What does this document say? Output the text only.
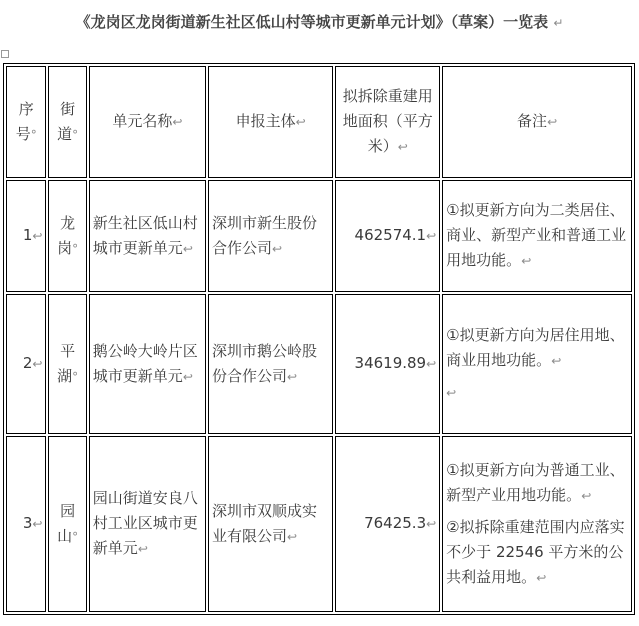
《龙岗区龙岗街道新生社区低山村等城市更新单元计划》（草案）一览表 ↵
序号°	街道°	单元名称↩	申报主体↩	拟拆除重建用地面积（平方米）↩	备注↩
1↩	龙岗°	新生社区低山村城市更新单元↩	深圳市新生股份合作公司↩	462574.1↩	①拟更新方向为二类居住、商业、新型产业和普通工业用地功能。↩

2↩	平湖°	鹅公岭大岭片区城市更新单元↩	深圳市鹅公岭股份合作公司↩	34619.89↩	①拟更新方向为居住用地、商业用地功能。↩

↩

3↩	园山°	园山街道安良八村工业区城市更新单元↩	深圳市双顺成实业有限公司↩	76425.3↩	①拟更新方向为普通工业、新型产业用地功能。↩

②拟拆除重建范围内应落实不少于 22546 平方米的公共利益用地。↩
